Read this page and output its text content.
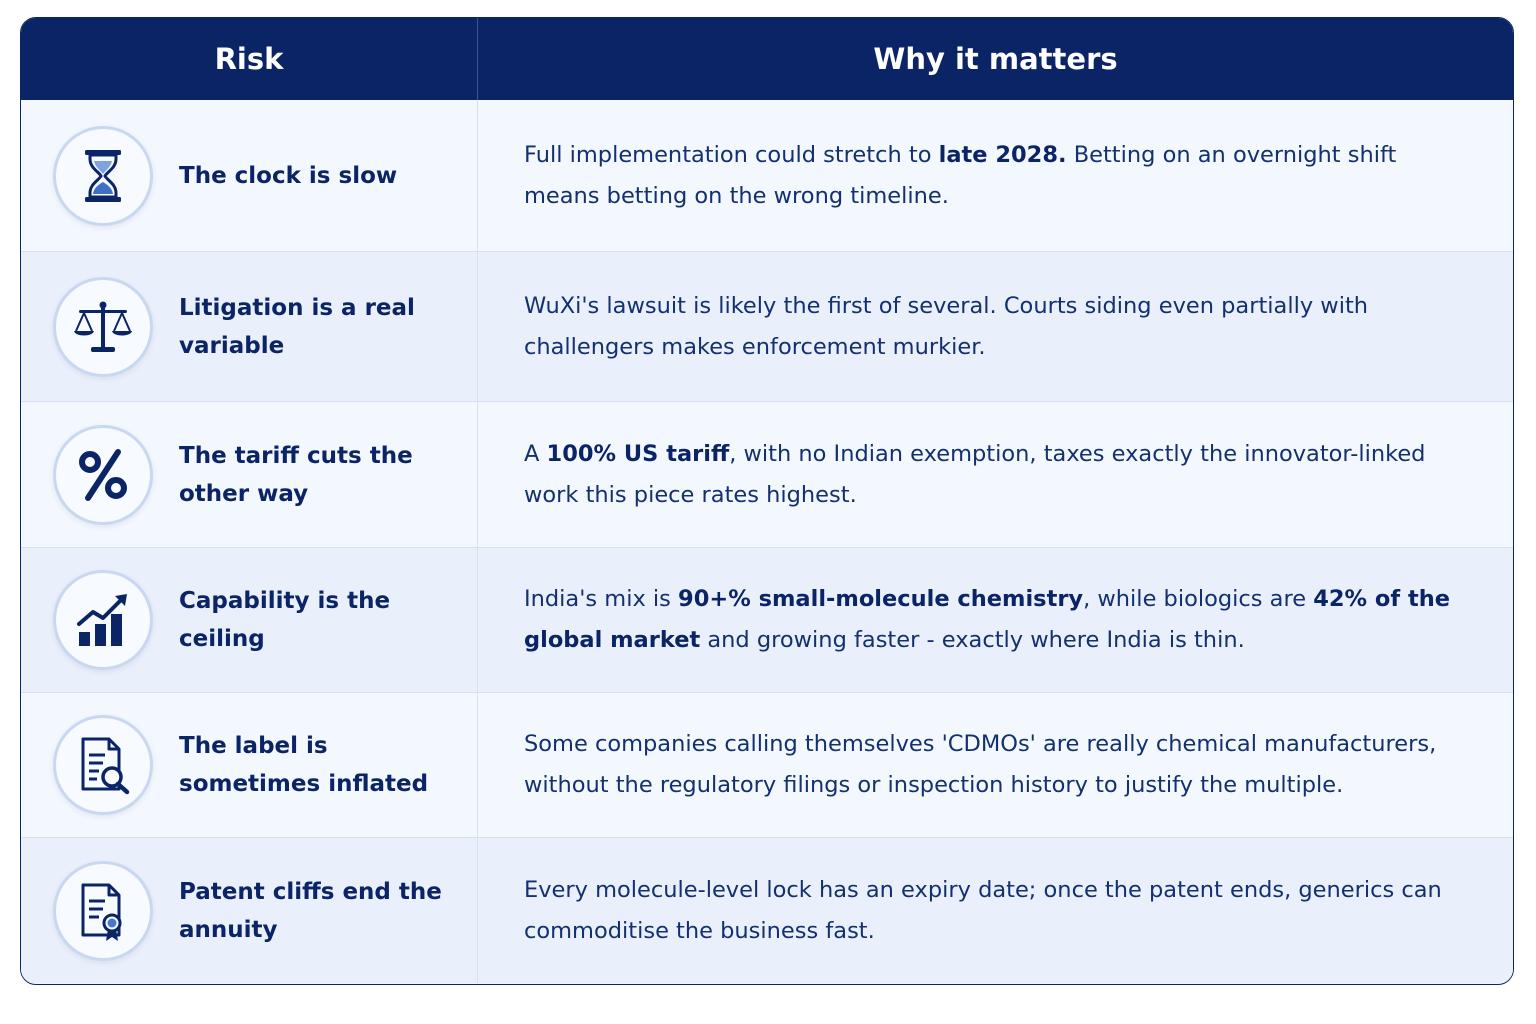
Risk	Why it matters
The clock is slow
Full implementation could stretch to late 2028. Betting on an overnight shift means betting on the wrong timeline.
Litigation is a real variable
WuXi's lawsuit is likely the first of several. Courts siding even partially with challengers makes enforcement murkier.
The tariff cuts the other way
A 100% US tariff, with no Indian exemption, taxes exactly the innovator-linked work this piece rates highest.
Capability is the ceiling
India's mix is 90+% small-molecule chemistry, while biologics are 42% of the global market and growing faster - exactly where India is thin.
The label is sometimes inflated
Some companies calling themselves 'CDMOs' are really chemical manufacturers, without the regulatory filings or inspection history to justify the multiple.
Patent cliffs end the annuity
Every molecule-level lock has an expiry date; once the patent ends, generics can commoditise the business fast.
